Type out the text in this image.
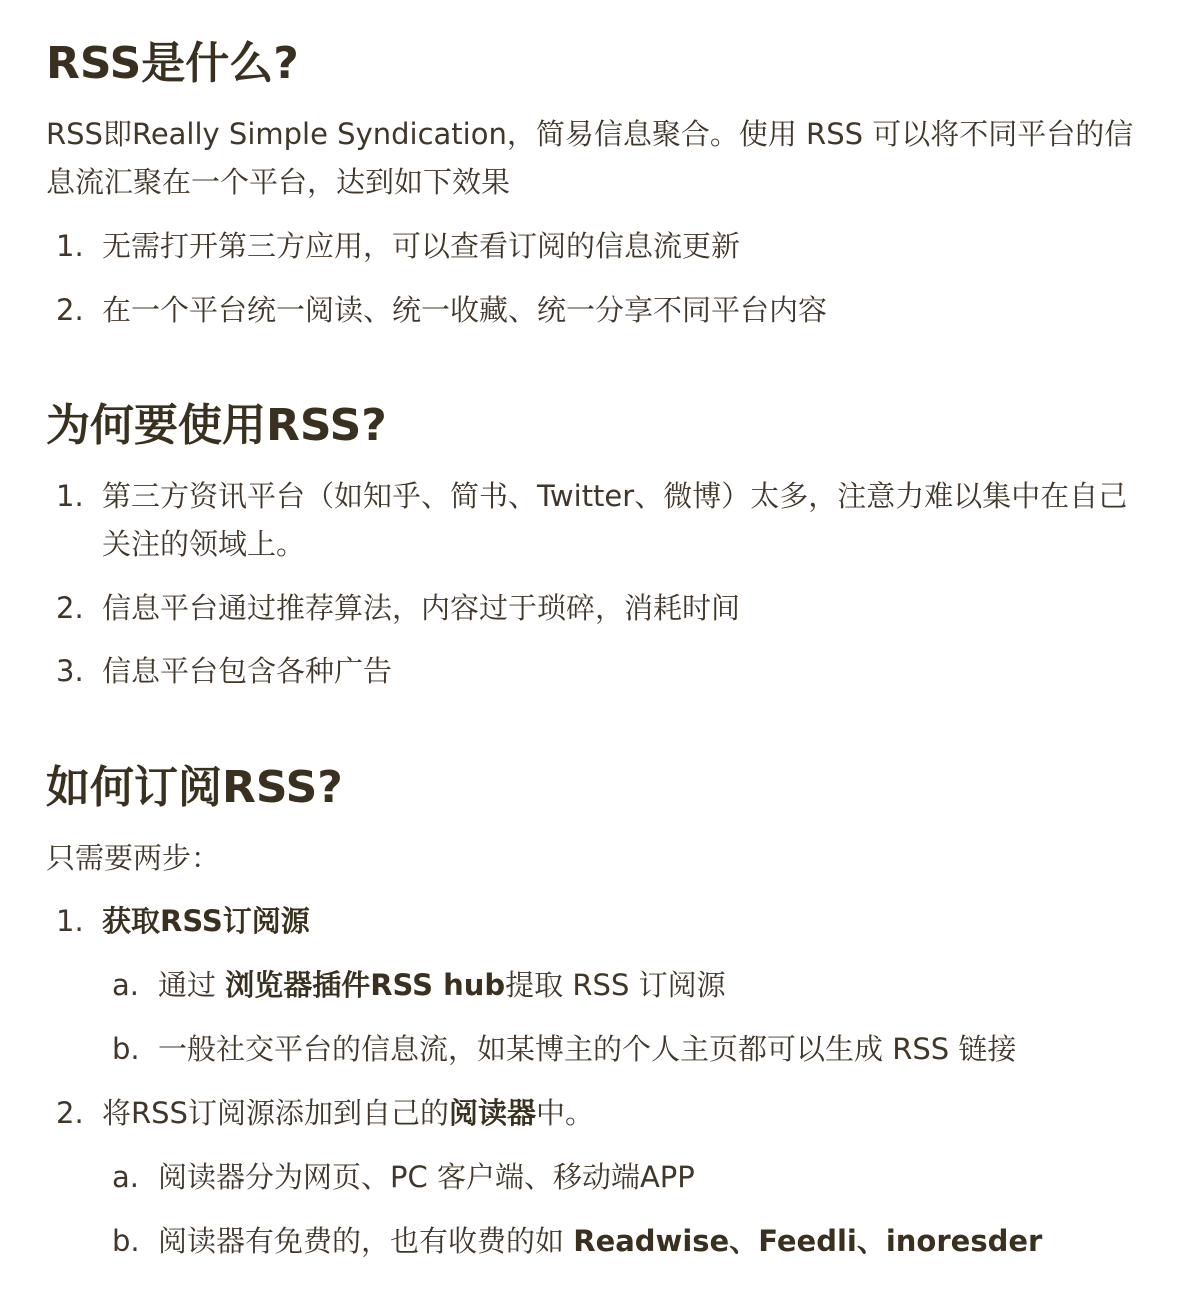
RSS是什么?

RSS即Really Simple Syndication，简易信息聚合。使用 RSS 可以将不同平台的信息流汇聚在一个平台，达到如下效果

1. 无需打开第三方应用，可以查看订阅的信息流更新
2. 在一个平台统一阅读、统一收藏、统一分享不同平台内容
为何要使用RSS?
1. 第三方资讯平台（如知乎、简书、Twitter、微博）太多，注意力难以集中在自己关注的领域上。
2. 信息平台通过推荐算法，内容过于琐碎，消耗时间
3. 信息平台包含各种广告
如何订阅RSS?

只需要两步：

1. 获取RSS订阅源
a. 通过 浏览器插件RSS hub提取 RSS 订阅源
b. 一般社交平台的信息流，如某博主的个人主页都可以生成 RSS 链接
2. 将RSS订阅源添加到自己的阅读器中。
a. 阅读器分为网页、PC 客户端、移动端APP
b. 阅读器有免费的，也有收费的如 Readwise、Feedli、inoresder
